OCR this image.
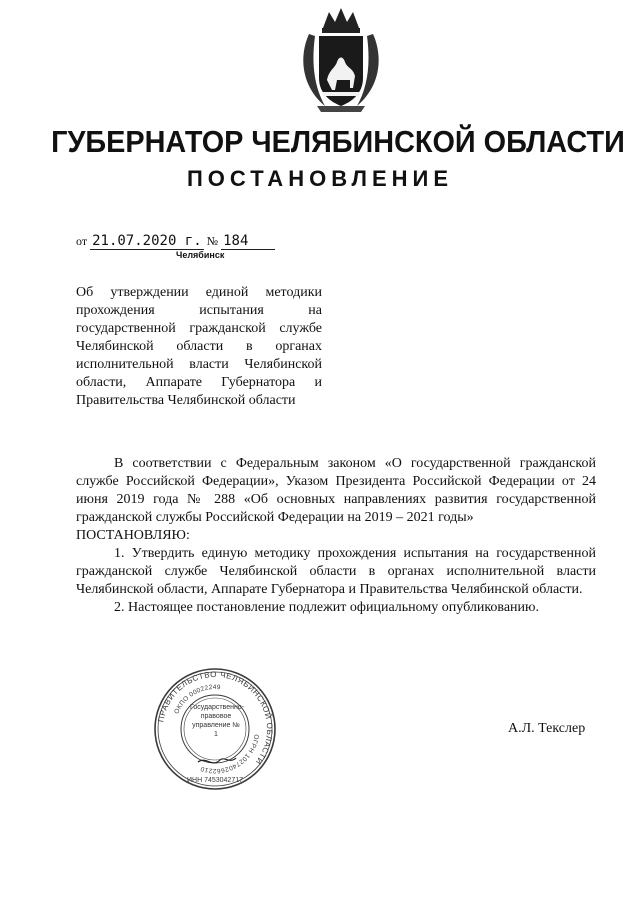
ГУБЕРНАТОР ЧЕЛЯБИНСКОЙ ОБЛАСТИ
ПОСТАНОВЛЕНИЕ
от 21.07.2020 г. № 184
Челябинск
Об утверждении единой методики прохождения испытания на государственной гражданской службе Челябинской области в органах исполнительной власти Челябинской области, Аппарате Губернатора и Правительства Челябинской области

В соответствии с Федеральным законом «О государственной гражданской службе Российской Федерации», Указом Президента Российской Федерации от 24 июня 2019 года № 288 «Об основных направлениях развития государственной гражданской службы Российской Федерации на 2019 – 2021 годы»

ПОСТАНОВЛЯЮ:

1. Утвердить единую методику прохождения испытания на государственной гражданской службе Челябинской области в органах исполнительной власти Челябинской области, Аппарате Губернатора и Правительства Челябинской области.

2. Настоящее постановление подлежит официальному опубликованию.

ПРАВИТЕЛЬСТВО ЧЕЛЯБИНСКОЙ ОБЛАСТИ
ОГРН 1027402662210
ОКПО 00022249
ИНН 7453042717
Государственно-правовое управление № 1	А.Л. Текслер
